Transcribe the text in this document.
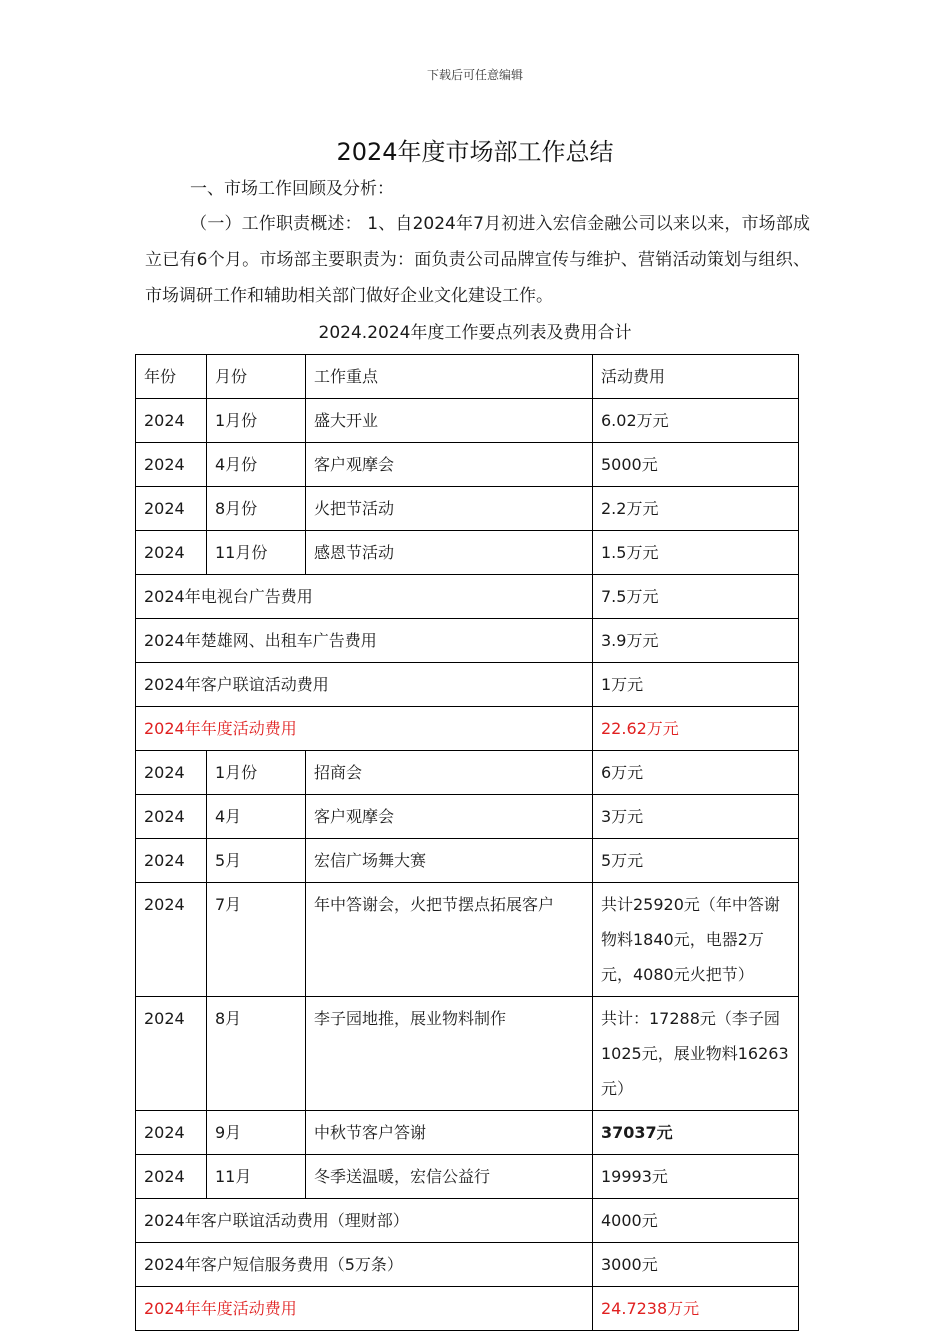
下载后可任意编辑
2024年度市场部工作总结
一、市场工作回顾及分析：

（一）工作职责概述： 1、自2024年7月初进入宏信金融公司以来以来，市场部成立已有6个月。市场部主要职责为：面负责公司品牌宣传与维护、营销活动策划与组织、市场调研工作和辅助相关部门做好企业文化建设工作。

2024.2024年度工作要点列表及费用合计
年份	月份	工作重点	活动费用
2024	1月份	盛大开业	6.02万元
2024	4月份	客户观摩会	5000元
2024	8月份	火把节活动	2.2万元
2024	11月份	感恩节活动	1.5万元
2024年电视台广告费用			7.5万元
2024年楚雄网、出租车广告费用			3.9万元
2024年客户联谊活动费用			1万元
2024年年度活动费用			22.62万元
2024	1月份	招商会	6万元
2024	4月	客户观摩会	3万元
2024	5月	宏信广场舞大赛	5万元
2024	7月	年中答谢会，火把节摆点拓展客户	共计25920元（年中答谢物料1840元，电器2万元，4080元火把节）
2024	8月	李子园地推，展业物料制作	共计：17288元（李子园1025元，展业物料16263元）
2024	9月	中秋节客户答谢	37037元
2024	11月	冬季送温暖，宏信公益行	19993元
2024年客户联谊活动费用（理财部）			4000元
2024年客户短信服务费用（5万条）			3000元
2024年年度活动费用			24.7238万元
